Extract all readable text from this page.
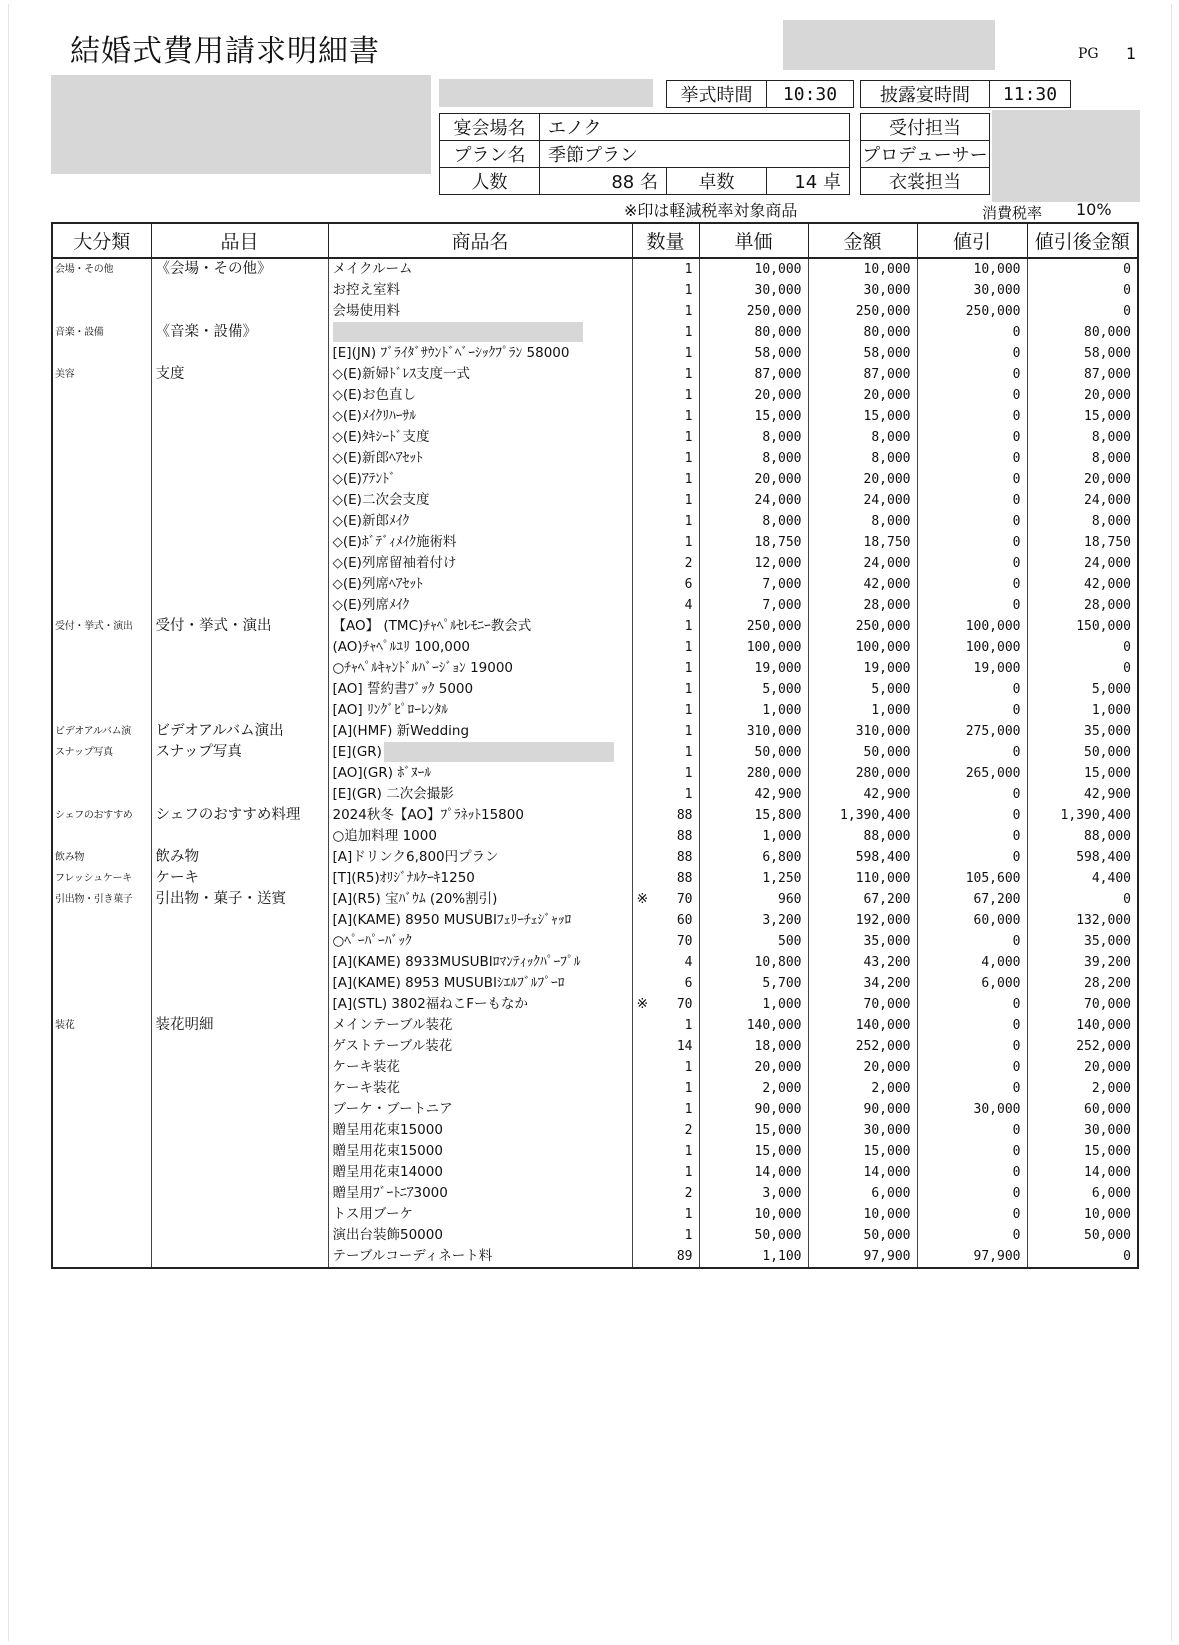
結婚式費用請求明細書	PG 1
挙式時間	10:30	披露宴時間	11:30
宴会場名	エノク
プラン名	季節プラン
人数	88 名	卓数	14 卓
受付担当
プロデューサー
衣裳担当
※印は軽減税率対象商品	消費税率 10%
大分類	品目	商品名	数量	単価	金額	値引	値引後金額
会場・その他	《会場・その他》	メイクルーム	1	10,000	10,000	10,000	0
		お控え室料	1	30,000	30,000	30,000	0
		会場使用料	1	250,000	250,000	250,000	0
音楽・設備	《音楽・設備》		1	80,000	80,000	0	80,000
		[E](JN) ﾌﾞﾗｲﾀﾞｻｳﾝﾄﾞﾍﾞｰｼｯｸﾌﾟﾗﾝ 58000	1	58,000	58,000	0	58,000
美容	支度	◇(E)新婦ﾄﾞﾚｽ支度一式	1	87,000	87,000	0	87,000
		◇(E)お色直し	1	20,000	20,000	0	20,000
		◇(E)ﾒｲｸﾘﾊｰｻﾙ	1	15,000	15,000	0	15,000
		◇(E)ﾀｷｼｰﾄﾞ支度	1	8,000	8,000	0	8,000
		◇(E)新郎ﾍｱｾｯﾄ	1	8,000	8,000	0	8,000
		◇(E)ｱﾃﾝﾄﾞ	1	20,000	20,000	0	20,000
		◇(E)二次会支度	1	24,000	24,000	0	24,000
		◇(E)新郎ﾒｲｸ	1	8,000	8,000	0	8,000
		◇(E)ﾎﾞﾃﾞｨﾒｲｸ施術料	1	18,750	18,750	0	18,750
		◇(E)列席留袖着付け	2	12,000	24,000	0	24,000
		◇(E)列席ﾍｱｾｯﾄ	6	7,000	42,000	0	42,000
		◇(E)列席ﾒｲｸ	4	7,000	28,000	0	28,000
受付・挙式・演出	受付・挙式・演出	【AO】 (TMC)ﾁｬﾍﾟﾙｾﾚﾓﾆｰ教会式	1	250,000	250,000	100,000	150,000
		(AO)ﾁｬﾍﾟﾙﾕﾘ 100,000	1	100,000	100,000	100,000	0
		○ﾁｬﾍﾟﾙｷｬﾝﾄﾞﾙﾊﾞｰｼﾞｮﾝ 19000	1	19,000	19,000	19,000	0
		[AO] 誓約書ﾌﾞｯｸ 5000	1	5,000	5,000	0	5,000
		[AO] ﾘﾝｸﾞﾋﾟﾛｰﾚﾝﾀﾙ	1	1,000	1,000	0	1,000
ビデオアルバム演	ビデオアルバム演出	[A](HMF) 新Wedding	1	310,000	310,000	275,000	35,000
スナップ写真	スナップ写真	[E](GR)	1	50,000	50,000	0	50,000
		[AO](GR) ﾎﾞﾇｰﾙ	1	280,000	280,000	265,000	15,000
		[E](GR) 二次会撮影	1	42,900	42,900	0	42,900
シェフのおすすめ	シェフのおすすめ料理	2024秋冬【AO】ﾌﾟﾗﾈｯﾄ15800	88	15,800	1,390,400	0	1,390,400
		○追加料理 1000	88	1,000	88,000	0	88,000
飲み物	飲み物	[A]ドリンク6,800円プラン	88	6,800	598,400	0	598,400
フレッシュケーキ	ケーキ	[T](R5)ｵﾘｼﾞﾅﾙｹｰｷ1250	88	1,250	110,000	105,600	4,400
引出物・引き菓子	引出物・菓子・送賓	[A](R5) 宝ﾊﾞｳﾑ (20%割引)	※ 70	960	67,200	67,200	0
		[A](KAME) 8950 MUSUBIﾌｪﾘｰﾁｪｼﾞｬｯﾛ	60	3,200	192,000	60,000	132,000
		○ﾍﾟｰﾊﾟｰﾊﾞｯｸ	70	500	35,000	0	35,000
		[A](KAME) 8933MUSUBIﾛﾏﾝﾃｨｯｸﾊﾟｰﾌﾟﾙ	4	10,800	43,200	4,000	39,200
		[A](KAME) 8953 MUSUBIｼｴﾙﾌﾞﾙﾌﾟｰﾛ	6	5,700	34,200	6,000	28,200
		[A](STL) 3802福ねこFーもなか	※ 70	1,000	70,000	0	70,000
装花	装花明細	メインテーブル装花	1	140,000	140,000	0	140,000
		ゲストテーブル装花	14	18,000	252,000	0	252,000
		ケーキ装花	1	20,000	20,000	0	20,000
		ケーキ装花	1	2,000	2,000	0	2,000
		ブーケ・ブートニア	1	90,000	90,000	30,000	60,000
		贈呈用花束15000	2	15,000	30,000	0	30,000
		贈呈用花束15000	1	15,000	15,000	0	15,000
		贈呈用花束14000	1	14,000	14,000	0	14,000
		贈呈用ﾌﾞｰﾄﾆｱ3000	2	3,000	6,000	0	6,000
		トス用ブーケ	1	10,000	10,000	0	10,000
		演出台装飾50000	1	50,000	50,000	0	50,000
		テーブルコーディネート料	89	1,100	97,900	97,900	0
